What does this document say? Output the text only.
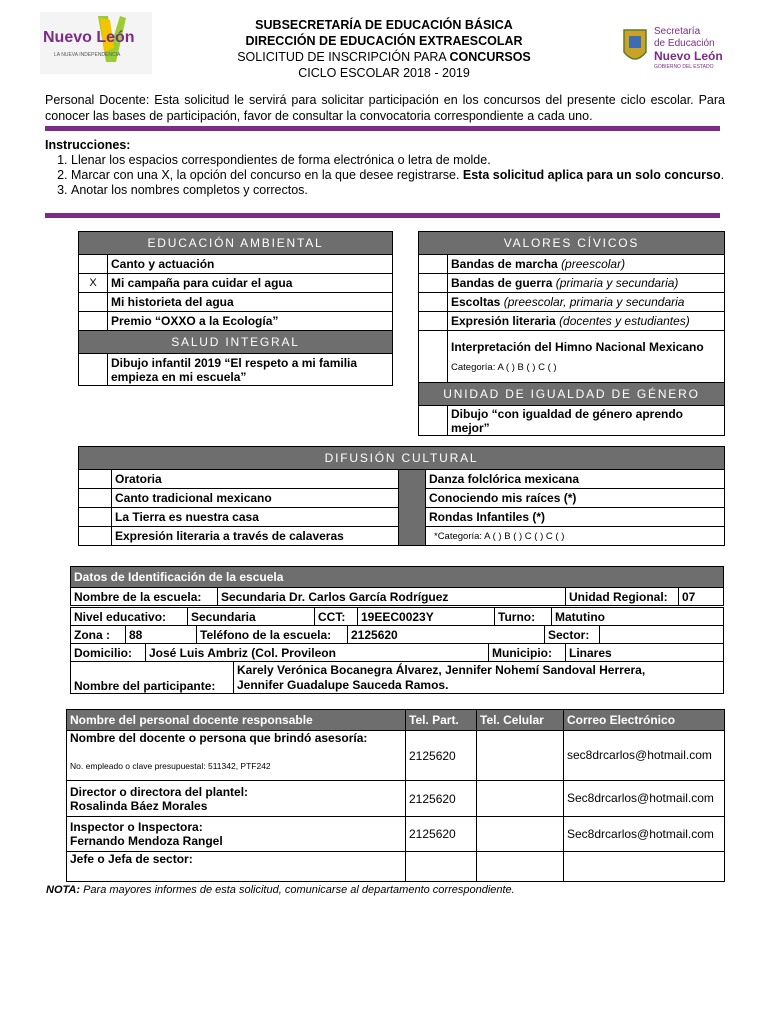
Nuevo León
LA NUEVA INDEPENDENCIA
Secretaría
de Educación
Nuevo León
GOBIERNO DEL ESTADO
SUBSECRETARÍA DE EDUCACIÓN BÁSICA
DIRECCIÓN DE EDUCACIÓN EXTRAESCOLAR
SOLICITUD DE INSCRIPCIÓN PARA CONCURSOS
CICLO ESCOLAR 2018 - 2019
Personal Docente: Esta solicitud le servirá para solicitar participación en los concursos del presente ciclo escolar. Para conocer las bases de participación, favor de consultar la convocatoria correspondiente a cada uno.
Instrucciones:
1. Llenar los espacios correspondientes de forma electrónica o letra de molde.
2. Marcar con una X, la opción del concurso en la que desee registrarse. Esta solicitud aplica para un solo concurso.
3. Anotar los nombres completos y correctos.
EDUCACIÓN AMBIENTAL	
	Canto y actuación
X	Mi campaña para cuidar el agua
	Mi historieta del agua
	Premio “OXXO a la Ecología”
SALUD INTEGRAL	
	Dibujo infantil 2019 “El respeto a mi familia empieza en mi escuela”
VALORES CÍVICOS	
	Bandas de marcha (preescolar)
	Bandas de guerra (primaria y secundaria)
	Escoltas (preescolar, primaria y secundaria
	Expresión literaria (docentes y estudiantes)

	Interpretación del Himno Nacional Mexicano
Categoría: A ( ) B ( ) C ( )

UNIDAD DE IGUALDAD DE GÉNERO	
	Dibujo “con igualdad de género aprendo mejor”
DIFUSIÓN CULTURAL			
	Oratoria		Danza folclórica mexicana
	Canto tradicional mexicano		Conociendo mis raíces (*)
	La Tierra es nuestra casa		Rondas Infantiles (*)
	Expresión literaria a través de calaveras		*Categoría: A ( ) B ( ) C ( ) C ( )
Datos de Identificación de la escuela
Nombre de la escuela:	Secundaria Dr. Carlos García Rodríguez	Unidad Regional:	07
Nivel educativo:	Secundaria	CCT:	19EEC0023Y	Turno:	Matutino
Zona :	88	Teléfono de la escuela:	2125620	Sector:	
Domicilio:	José Luis Ambriz (Col. Provileon	Municipio:	Linares
Nombre del participante:	
Karely Verónica Bocanegra Álvarez, Jennifer Nohemí Sandoval Herrera,
Jennifer Guadalupe Sauceda Ramos.
Nombre del personal docente responsable	Tel. Part.	Tel. Celular	Correo Electrónico

Nombre del docente o persona que brindó asesoría:
No. empleado o clave presupuestal: 511342, PTF242	2125620		sec8drcarlos@hotmail.com

Director o directora del plantel:
Rosalinda Báez Morales	2125620		Sec8drcarlos@hotmail.com

Inspector o Inspectora:
Fernando Mendoza Rangel	2125620		Sec8drcarlos@hotmail.com
Jefe o Jefa de sector:			
NOTA: Para mayores informes de esta solicitud, comunicarse al departamento correspondiente.
